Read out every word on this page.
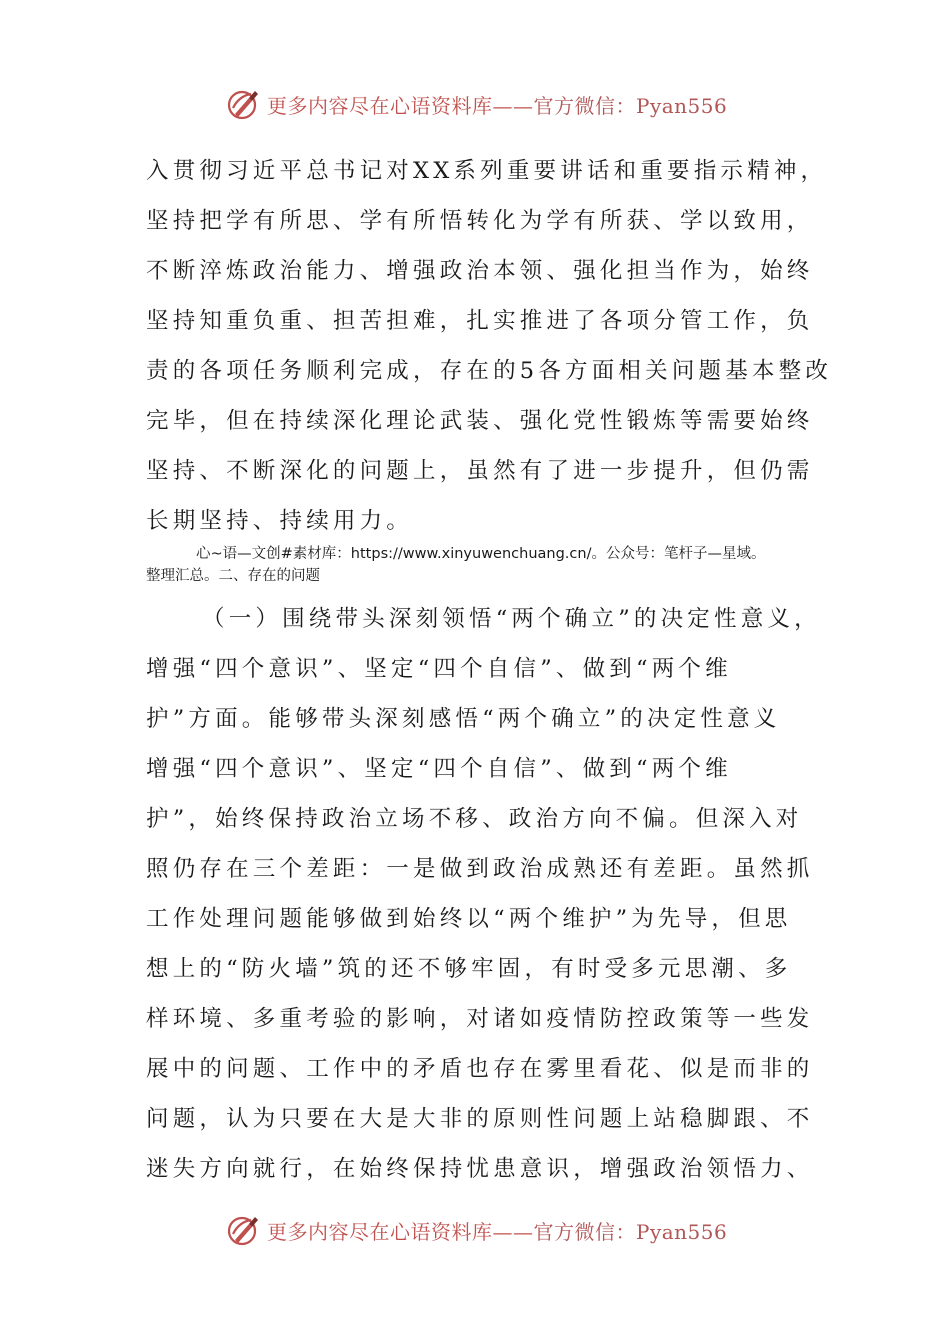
更多内容尽在心语资料库——官方微信：Pyan556
入贯彻习近平总书记对XX系列重要讲话和重要指示精神，
坚持把学有所思、学有所悟转化为学有所获、学以致用，
不断淬炼政治能力、增强政治本领、强化担当作为，始终
坚持知重负重、担苦担难，扎实推进了各项分管工作，负
责的各项任务顺利完成，存在的5各方面相关问题基本整改
完毕，但在持续深化理论武装、强化党性锻炼等需要始终
坚持、不断深化的问题上，虽然有了进一步提升，但仍需
长期坚持、持续用力。
心~语—文创#素材库：https://www.xinyuwenchuang.cn/。公众号：笔杆子—星域。
整理汇总。二、存在的问题
（一）围绕带头深刻领悟“两个确立”的决定性意义，
增强“四个意识”、坚定“四个自信”、做到“两个维
护”方面。能够带头深刻感悟“两个确立”的决定性意义
增强“四个意识”、坚定“四个自信”、做到“两个维
护”，始终保持政治立场不移、政治方向不偏。但深入对
照仍存在三个差距：一是做到政治成熟还有差距。虽然抓
工作处理问题能够做到始终以“两个维护”为先导，但思
想上的“防火墙”筑的还不够牢固，有时受多元思潮、多
样环境、多重考验的影响，对诸如疫情防控政策等一些发
展中的问题、工作中的矛盾也存在雾里看花、似是而非的
问题，认为只要在大是大非的原则性问题上站稳脚跟、不
迷失方向就行，在始终保持忧患意识，增强政治领悟力、
更多内容尽在心语资料库——官方微信：Pyan556
